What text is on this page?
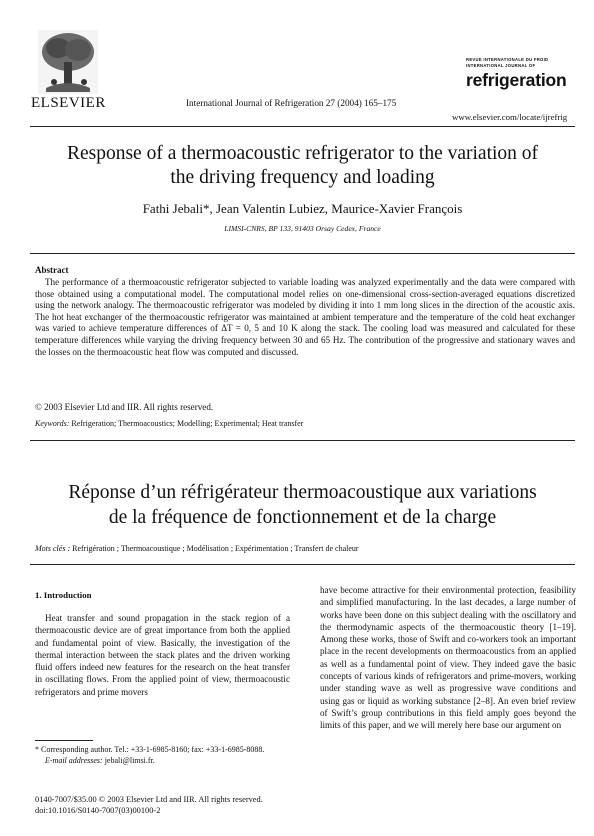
ELSEVIER	International Journal of Refrigeration 27 (2004) 165–175
REVUE INTERNATIONALE DU FROID
INTERNATIONAL JOURNAL OF
refrigeration
www.elsevier.com/locate/ijrefrig
Response of a thermoacoustic refrigerator to the variation of
the driving frequency and loading
Fathi Jebali*, Jean Valentin Lubiez, Maurice-Xavier François
LIMSI-CNRS, BP 133, 91403 Orsay Cedex, France
Abstract

The performance of a thermoacoustic refrigerator subjected to variable loading was analyzed experimentally and the data were compared with those obtained using a computational model. The computational model relies on one-dimensional cross-section-averaged equations discretized using the network analogy. The thermoacoustic refrigerator was modeled by dividing it into 1 mm long slices in the direction of the acoustic axis. The hot heat exchanger of the thermoacoustic refrigerator was maintained at ambient temperature and the temperature of the cold heat exchanger was varied to achieve temperature differences of ΔT = 0, 5 and 10 K along the stack. The cooling load was measured and calculated for these temperature differences while varying the driving frequency between 30 and 65 Hz. The contribution of the progressive and stationary waves and the losses on the thermoacoustic heat flow was computed and discussed.

© 2003 Elsevier Ltd and IIR. All rights reserved.
Keywords: Refrigeration; Thermoacoustics; Modelling; Experimental; Heat transfer
Réponse d’un réfrigérateur thermoacoustique aux variations
de la fréquence de fonctionnement et de la charge
Mots clés : Refrigération ; Thermoacoustique ; Modélisation ; Expérimentation ; Transfert de chaleur
1. Introduction

Heat transfer and sound propagation in the stack region of a thermoacoustic device are of great importance from both the applied and fundamental point of view. Basically, the investigation of the thermal interaction between the stack plates and the driven working fluid offers indeed new features for the research on the heat transfer in oscillating flows. From the applied point of view, thermoacoustic refrigerators and prime movers

have become attractive for their environmental protection, feasibility and simplified manufacturing. In the last decades, a large number of works have been done on this subject dealing with the oscillatory and the thermodynamic aspects of the thermoacoustic theory [1–19]. Among these works, those of Swift and co-workers took an important place in the recent developments on thermoacoustics from an applied as well as a fundamental point of view. They indeed gave the basic concepts of various kinds of refrigerators and prime-movers, working under standing wave as well as progressive wave conditions and using gas or liquid as working substance [2–8]. An even brief review of Swift’s group contributions in this field amply goes beyond the limits of this paper, and we will merely here base our argument on

* Corresponding author. Tel.: +33-1-6985-8160; fax: +33-1-6985-8088.
E-mail addresses: jebali@limsi.fr.
0140-7007/$35.00 © 2003 Elsevier Ltd and IIR. All rights reserved.
doi:10.1016/S0140-7007(03)00100-2
